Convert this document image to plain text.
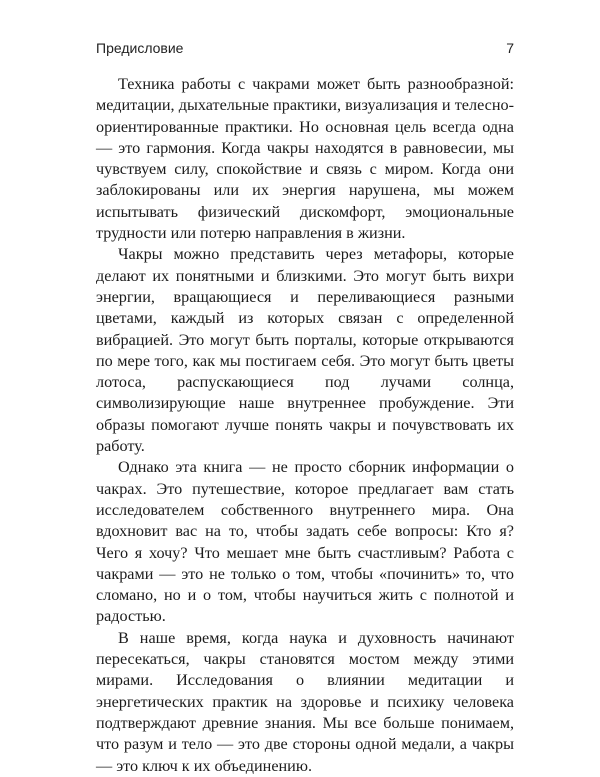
Предисловие	7

Техника работы с чакрами может быть разнообразной: медитации, дыхательные практики, визуализация и телесно-ориентированные практики. Но основная цель всегда одна — это гармония. Когда чакры находятся в равновесии, мы чувствуем силу, спокойствие и связь с миром. Когда они заблокированы или их энергия нарушена, мы можем испытывать физический дискомфорт, эмоциональные трудности или потерю направления в жизни.

Чакры можно представить через метафоры, которые делают их понятными и близкими. Это могут быть вихри энергии, вращающиеся и переливающиеся разными цветами, каждый из которых связан с определенной вибрацией. Это могут быть порталы, которые открываются по мере того, как мы постигаем себя. Это могут быть цветы лотоса, распускающиеся под лучами солнца, символизирующие наше внутреннее пробуждение. Эти образы помогают лучше понять чакры и почувствовать их работу.

Однако эта книга — не просто сборник информации о чакрах. Это путешествие, которое предлагает вам стать исследователем собственного внутреннего мира. Она вдохновит вас на то, чтобы задать себе вопросы: Кто я? Чего я хочу? Что мешает мне быть счастливым? Работа с чакрами — это не только о том, чтобы «починить» то, что сломано, но и о том, чтобы научиться жить с полнотой и радостью.

В наше время, когда наука и духовность начинают пересекаться, чакры становятся мостом между этими мирами. Исследования о влиянии медитации и энергетических практик на здоровье и психику человека подтверждают древние знания. Мы все больше понимаем, что разум и тело — это две стороны одной медали, а чакры — это ключ к их объединению.
